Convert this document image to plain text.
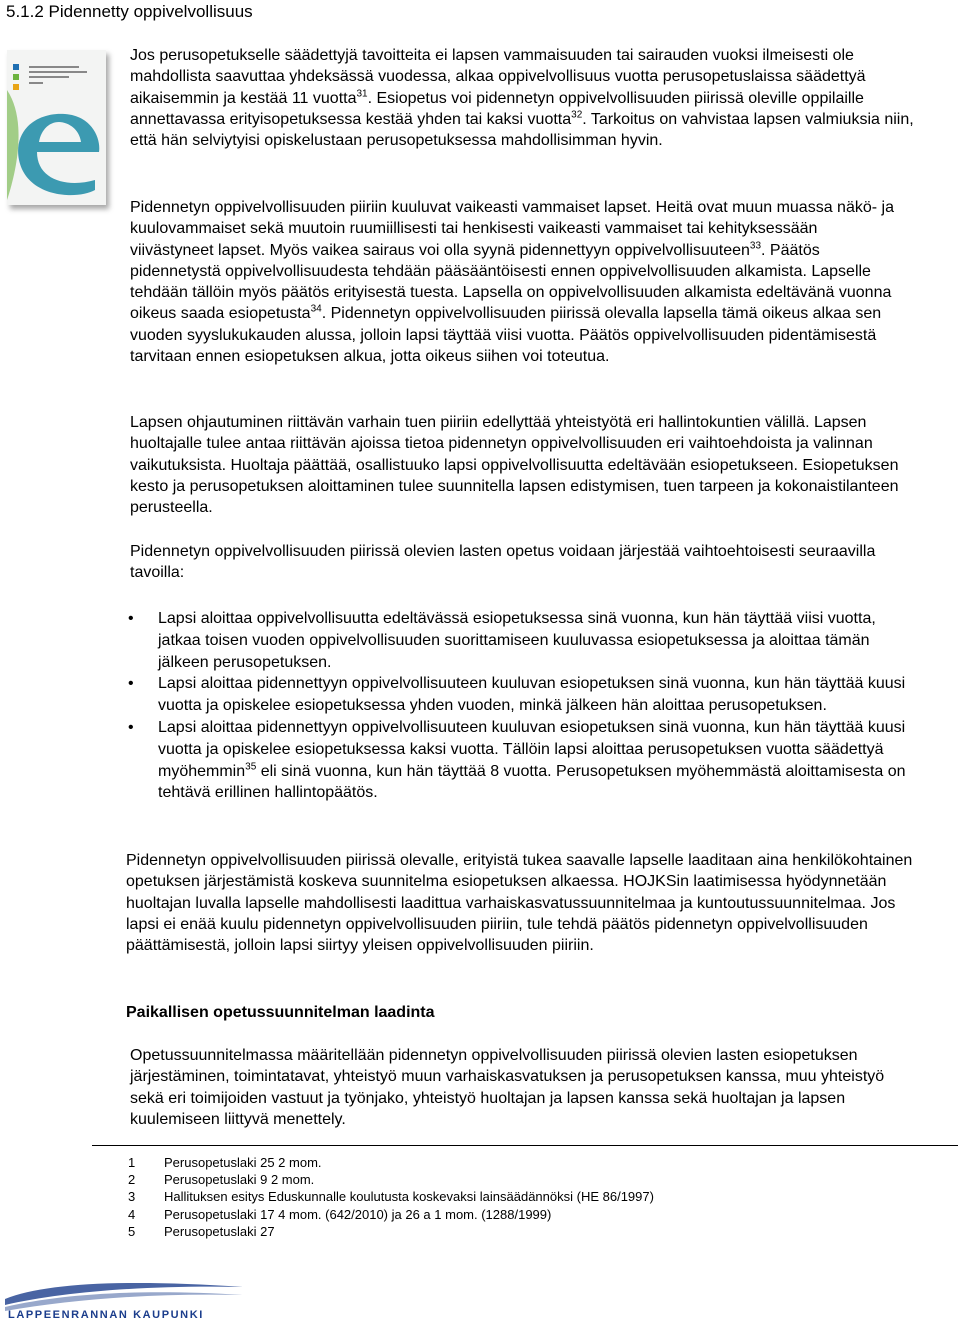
5.1.2 Pidennetty oppivelvollisuus

Jos perusopetukselle säädettyjä tavoitteita ei lapsen vammaisuuden tai sairauden vuoksi ilmeisesti ole mahdollista saavuttaa yhdeksässä vuodessa, alkaa oppivelvollisuus vuotta perusopetuslaissa säädettyä aikaisemmin ja kestää 11 vuotta$^{31}$. Esiopetus voi pidennetyn oppivelvollisuuden piirissä oleville oppilaille annettavassa erityisopetuksessa kestää yhden tai kaksi vuotta$^{32}$. Tarkoitus on vahvistaa lapsen valmiuksia niin, että hän selviytyisi opiskelustaan perusopetuksessa mahdollisimman hyvin.

Pidennetyn oppivelvollisuuden piiriin kuuluvat vaikeasti vammaiset lapset. Heitä ovat muun muassa näkö- ja kuulovammaiset sekä muutoin ruumiillisesti tai henkisesti vaikeasti vammaiset tai kehityksessään viivästyneet lapset. Myös vaikea sairaus voi olla syynä pidennettyyn oppivelvollisuuteen$^{33}$. Päätös pidennetystä oppivelvollisuudesta tehdään pääsääntöisesti ennen oppivelvollisuuden alkamista. Lapselle tehdään tällöin myös päätös erityisestä tuesta. Lapsella on oppivelvollisuuden alkamista edeltävänä vuonna oikeus saada esiopetusta$^{34}$. Pidennetyn oppivelvollisuuden piirissä olevalla lapsella tämä oikeus alkaa sen vuoden syyslukukauden alussa, jolloin lapsi täyttää viisi vuotta. Päätös oppivelvollisuuden pidentämisestä tarvitaan ennen esiopetuksen alkua, jotta oikeus siihen voi toteutua.

Lapsen ohjautuminen riittävän varhain tuen piiriin edellyttää yhteistyötä eri hallintokuntien välillä. Lapsen huoltajalle tulee antaa riittävän ajoissa tietoa pidennetyn oppivelvollisuuden eri vaihtoehdoista ja valinnan vaikutuksista. Huoltaja päättää, osallistuuko lapsi oppivelvollisuutta edeltävään esiopetukseen. Esiopetuksen kesto ja perusopetuksen aloittaminen tulee suunnitella lapsen edistymisen, tuen tarpeen ja kokonaistilanteen perusteella.

Pidennetyn oppivelvollisuuden piirissä olevien lasten opetus voidaan järjestää vaihtoehtoisesti seuraavilla tavoilla:

• Lapsi aloittaa oppivelvollisuutta edeltävässä esiopetuksessa sinä vuonna, kun hän täyttää viisi vuotta, jatkaa toisen vuoden oppivelvollisuuden suorittamiseen kuuluvassa esiopetuksessa ja aloittaa tämän jälkeen perusopetuksen.
• Lapsi aloittaa pidennettyyn oppivelvollisuuteen kuuluvan esiopetuksen sinä vuonna, kun hän täyttää kuusi vuotta ja opiskelee esiopetuksessa yhden vuoden, minkä jälkeen hän aloittaa perusopetuksen.
• Lapsi aloittaa pidennettyyn oppivelvollisuuteen kuuluvan esiopetuksen sinä vuonna, kun hän täyttää kuusi vuotta ja opiskelee esiopetuksessa kaksi vuotta. Tällöin lapsi aloittaa perusopetuksen vuotta säädettyä myöhemmin$^{35}$ eli sinä vuonna, kun hän täyttää 8 vuotta. Perusopetuksen myöhemmästä aloittamisesta on tehtävä erillinen hallintopäätös.

Pidennetyn oppivelvollisuuden piirissä olevalle, erityistä tukea saavalle lapselle laaditaan aina henkilökohtainen opetuksen järjestämistä koskeva suunnitelma esiopetuksen alkaessa. HOJKSin laatimisessa hyödynnetään huoltajan luvalla lapselle mahdollisesti laadittua varhaiskasvatussuunnitelmaa ja kuntoutussuunnitelmaa. Jos lapsi ei enää kuulu pidennetyn oppivelvollisuuden piiriin, tule tehdä päätös pidennetyn oppivelvollisuuden päättämisestä, jolloin lapsi siirtyy yleisen oppivelvollisuuden piiriin.

Paikallisen opetussuunnitelman laadinta

Opetussuunnitelmassa määritellään pidennetyn oppivelvollisuuden piirissä olevien lasten esiopetuksen järjestäminen, toimintatavat, yhteistyö muun varhaiskasvatuksen ja perusopetuksen kanssa, muu yhteistyö sekä eri toimijoiden vastuut ja työnjako, yhteistyö huoltajan ja lapsen kanssa sekä huoltajan ja lapsen kuulemiseen liittyvä menettely.

1 Perusopetuslaki 25 2 mom.
2 Perusopetuslaki 9 2 mom.
3 Hallituksen esitys Eduskunnalle koulutusta koskevaksi lainsäädännöksi (HE 86/1997)
4 Perusopetuslaki 17 4 mom. (642/2010) ja 26 a 1 mom. (1288/1999)
5 Perusopetuslaki 27
LAPPEENRANNAN KAUPUNKI
